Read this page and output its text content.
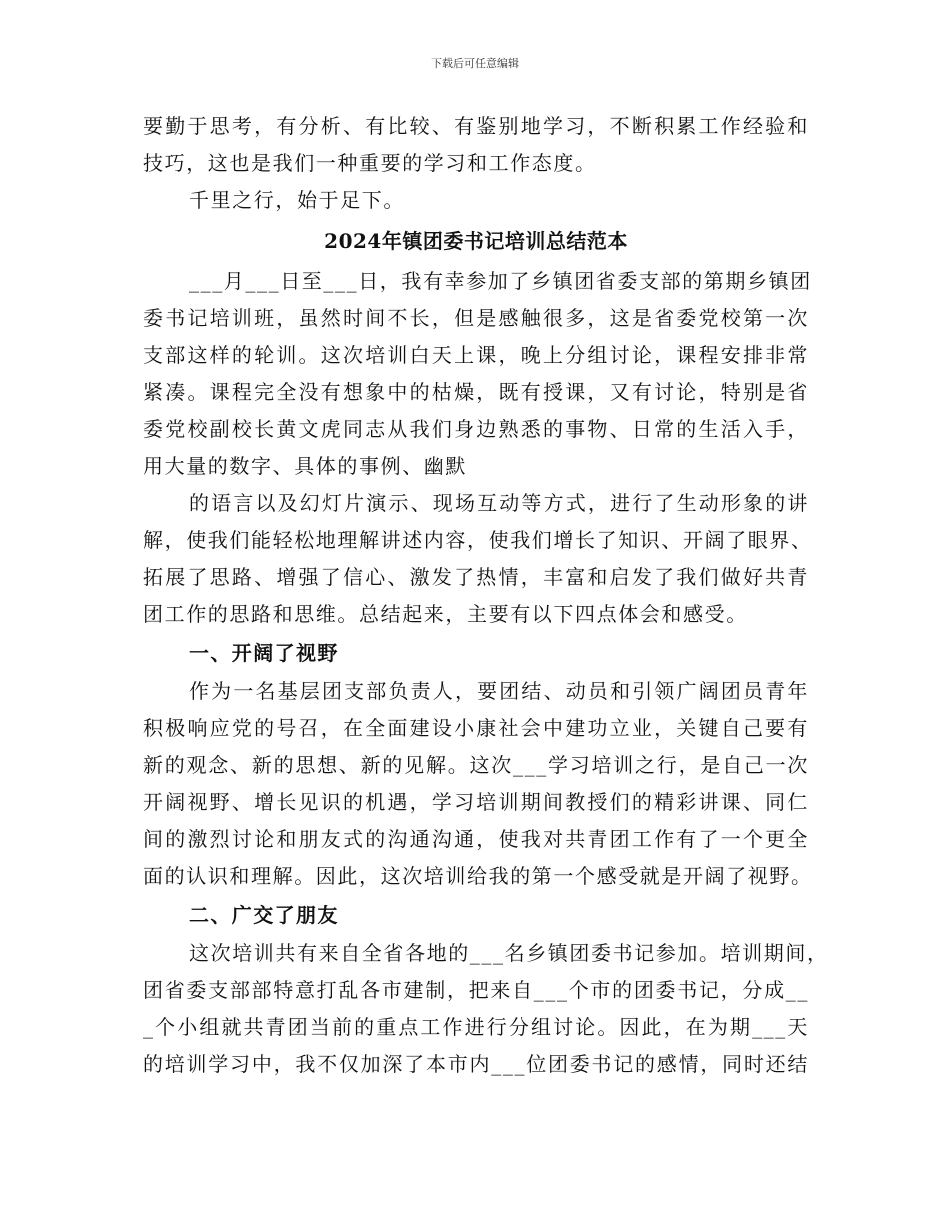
下载后可任意编辑
要勤于思考，有分析、有比较、有鉴别地学习，不断积累工作经验和
技巧，这也是我们一种重要的学习和工作态度。
千里之行，始于足下。
2024年镇团委书记培训总结范本
___月___日至___日，我有幸参加了乡镇团省委支部的第期乡镇团
委书记培训班，虽然时间不长，但是感触很多，这是省委党校第一次
支部这样的轮训。这次培训白天上课，晚上分组讨论，课程安排非常
紧凑。课程完全没有想象中的枯燥，既有授课，又有讨论，特别是省
委党校副校长黄文虎同志从我们身边熟悉的事物、日常的生活入手，
用大量的数字、具体的事例、幽默
的语言以及幻灯片演示、现场互动等方式，进行了生动形象的讲
解，使我们能轻松地理解讲述内容，使我们增长了知识、开阔了眼界、
拓展了思路、增强了信心、激发了热情，丰富和启发了我们做好共青
团工作的思路和思维。总结起来，主要有以下四点体会和感受。
一、开阔了视野
作为一名基层团支部负责人，要团结、动员和引领广阔团员青年
积极响应党的号召，在全面建设小康社会中建功立业，关键自己要有
新的观念、新的思想、新的见解。这次___学习培训之行，是自己一次
开阔视野、增长见识的机遇，学习培训期间教授们的精彩讲课、同仁
间的激烈讨论和朋友式的沟通沟通，使我对共青团工作有了一个更全
面的认识和理解。因此，这次培训给我的第一个感受就是开阔了视野。
二、广交了朋友
这次培训共有来自全省各地的___名乡镇团委书记参加。培训期间，
团省委支部部特意打乱各市建制，把来自___个市的团委书记，分成__
_个小组就共青团当前的重点工作进行分组讨论。因此，在为期___天
的培训学习中，我不仅加深了本市内___位团委书记的感情，同时还结
